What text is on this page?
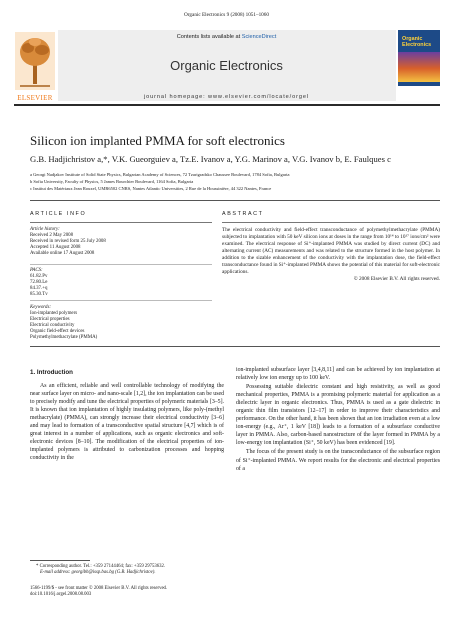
Organic Electronics 9 (2008) 1051–1060
ELSEVIER
Contents lists available at ScienceDirect
Organic Electronics
journal homepage: www.elsevier.com/locate/orgel
Organic Electronics
Silicon ion implanted PMMA for soft electronics
G.B. Hadjichristov a,*, V.K. Gueorguiev a, Tz.E. Ivanov a, Y.G. Marinov a, V.G. Ivanov b, E. Faulques c
a Georgi Nadjakov Institute of Solid State Physics, Bulgarian Academy of Sciences, 72 Tzarigradsko Chaussee Boulevard, 1784 Sofia, Bulgaria
b Sofia University, Faculty of Physics, 5 James Bourchier Boulevard, 1164 Sofia, Bulgaria
c Institut des Matériaux Jean Rouxel, UMR6502 CNRS, Nantes Atlantic Universities, 2 Rue de la Houssinière, 44 322 Nantes, France
ARTICLE INFO
Article history:
Received 2 May 2008
Received in revised form 25 July 2008
Accepted 11 August 2008
Available online 17 August 2008
PACS:
61.82.Pv
72.80.Le
84.37.+q
85.30.Tv
Keywords:
Ion-implanted polymers
Electrical properties
Electrical conductivity
Organic field-effect devices
Polymethylmethacrylate (PMMA)
ABSTRACT
The electrical conductivity and field-effect transconductance of polymethylmethacrylate (PMMA) subjected to implantation with 50 keV silicon ions at doses in the range from 10¹⁴ to 10¹⁷ ions/cm² were examined. The electrical response of Si⁺-implanted PMMA was studied by direct current (DC) and alternating current (AC) measurements and was related to the structure formed in the host polymer. In addition to the sizable enhancement of the conductivity with the implantation dose, the field-effect transconductance found in Si⁺-implanted PMMA shows the potential of this material for soft-electronic applications.
© 2008 Elsevier B.V. All rights reserved.
1. Introduction

As an efficient, reliable and well controllable technology of modifying the near surface layer on micro- and nano-scale [1,2], the ion implantation can be used to precisely modify and tune the electrical properties of polymeric materials [3–5]. It is known that ion implantation of highly insulating polymers, like poly-(methyl methacrylate) (PMMA), can strongly increase their electrical conductivity [3–6] and may lead to formation of a transconductive spatial structure [4,7] which is of great interest in a number of applications, such as organic electronics and soft-electronic devices [8–10]. The modification of the electrical properties of ion-implanted polymers is attributed to carbonization processes and hopping conductivity in the

ion-implanted subsurface layer [3,4,8,11] and can be achieved by ion implantation at relatively low ion energy up to 100 keV.

Possessing suitable dielectric constant and high resistivity, as well as good mechanical properties, PMMA is a promising polymeric material for application as a dielectric layer in organic electronics. Thus, PMMA is used as a gate dielectric in organic thin film transistors [12–17] in order to improve their characteristics and performance. On the other hand, it has been shown that an ion irradiation even at a low ion-energy (e.g., Ar⁺, 1 keV [18]) leads to a formation of a subsurface conductive layer in PMMA. Also, carbon-based nanostructure of the layer formed in PMMA by a low-energy ion implantation (Si⁺, 50 keV) has been evidenced [19].

The focus of the present study is on the transconductance of the subsurface region of Si⁺-implanted PMMA. We report results for the electronic and electrical properties of a

* Corresponding author. Tel.: +359 27144464; fax: +359 29753632.
E-mail address: georgibh@issp.bas.bg (G.B. Hadjichristov).
1566-1199/$ - see front matter © 2008 Elsevier B.V. All rights reserved.
doi:10.1016/j.orgel.2008.08.003
